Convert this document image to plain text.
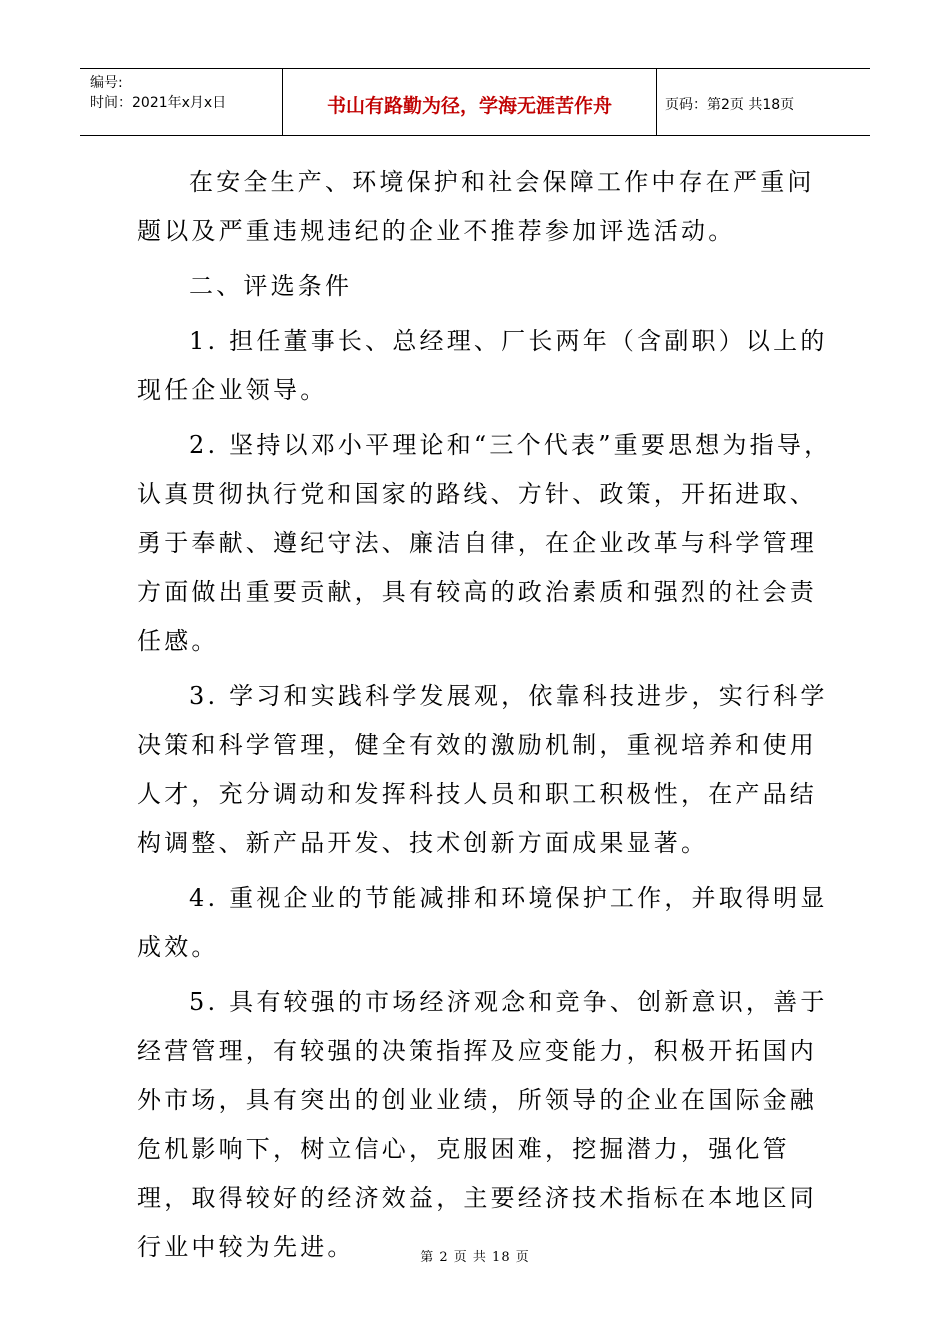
编号:
时间：2021年x月x日	书山有路勤为径，学海无涯苦作舟	页码：第2页 共18页

在安全生产、环境保护和社会保障工作中存在严重问题以及严重违规违纪的企业不推荐参加评选活动。

二、评选条件

1. 担任董事长、总经理、厂长两年（含副职）以上的现任企业领导。

2. 坚持以邓小平理论和“三个代表”重要思想为指导，认真贯彻执行党和国家的路线、方针、政策，开拓进取、勇于奉献、遵纪守法、廉洁自律，在企业改革与科学管理方面做出重要贡献，具有较高的政治素质和强烈的社会责任感。

3. 学习和实践科学发展观，依靠科技进步，实行科学决策和科学管理，健全有效的激励机制，重视培养和使用人才，充分调动和发挥科技人员和职工积极性，在产品结构调整、新产品开发、技术创新方面成果显著。

4. 重视企业的节能减排和环境保护工作，并取得明显成效。

5. 具有较强的市场经济观念和竞争、创新意识，善于经营管理，有较强的决策指挥及应变能力，积极开拓国内外市场，具有突出的创业业绩，所领导的企业在国际金融危机影响下，树立信心，克服困难，挖掘潜力，强化管理，取得较好的经济效益，主要经济技术指标在本地区同行业中较为先进。	第 2 页 共 18 页
